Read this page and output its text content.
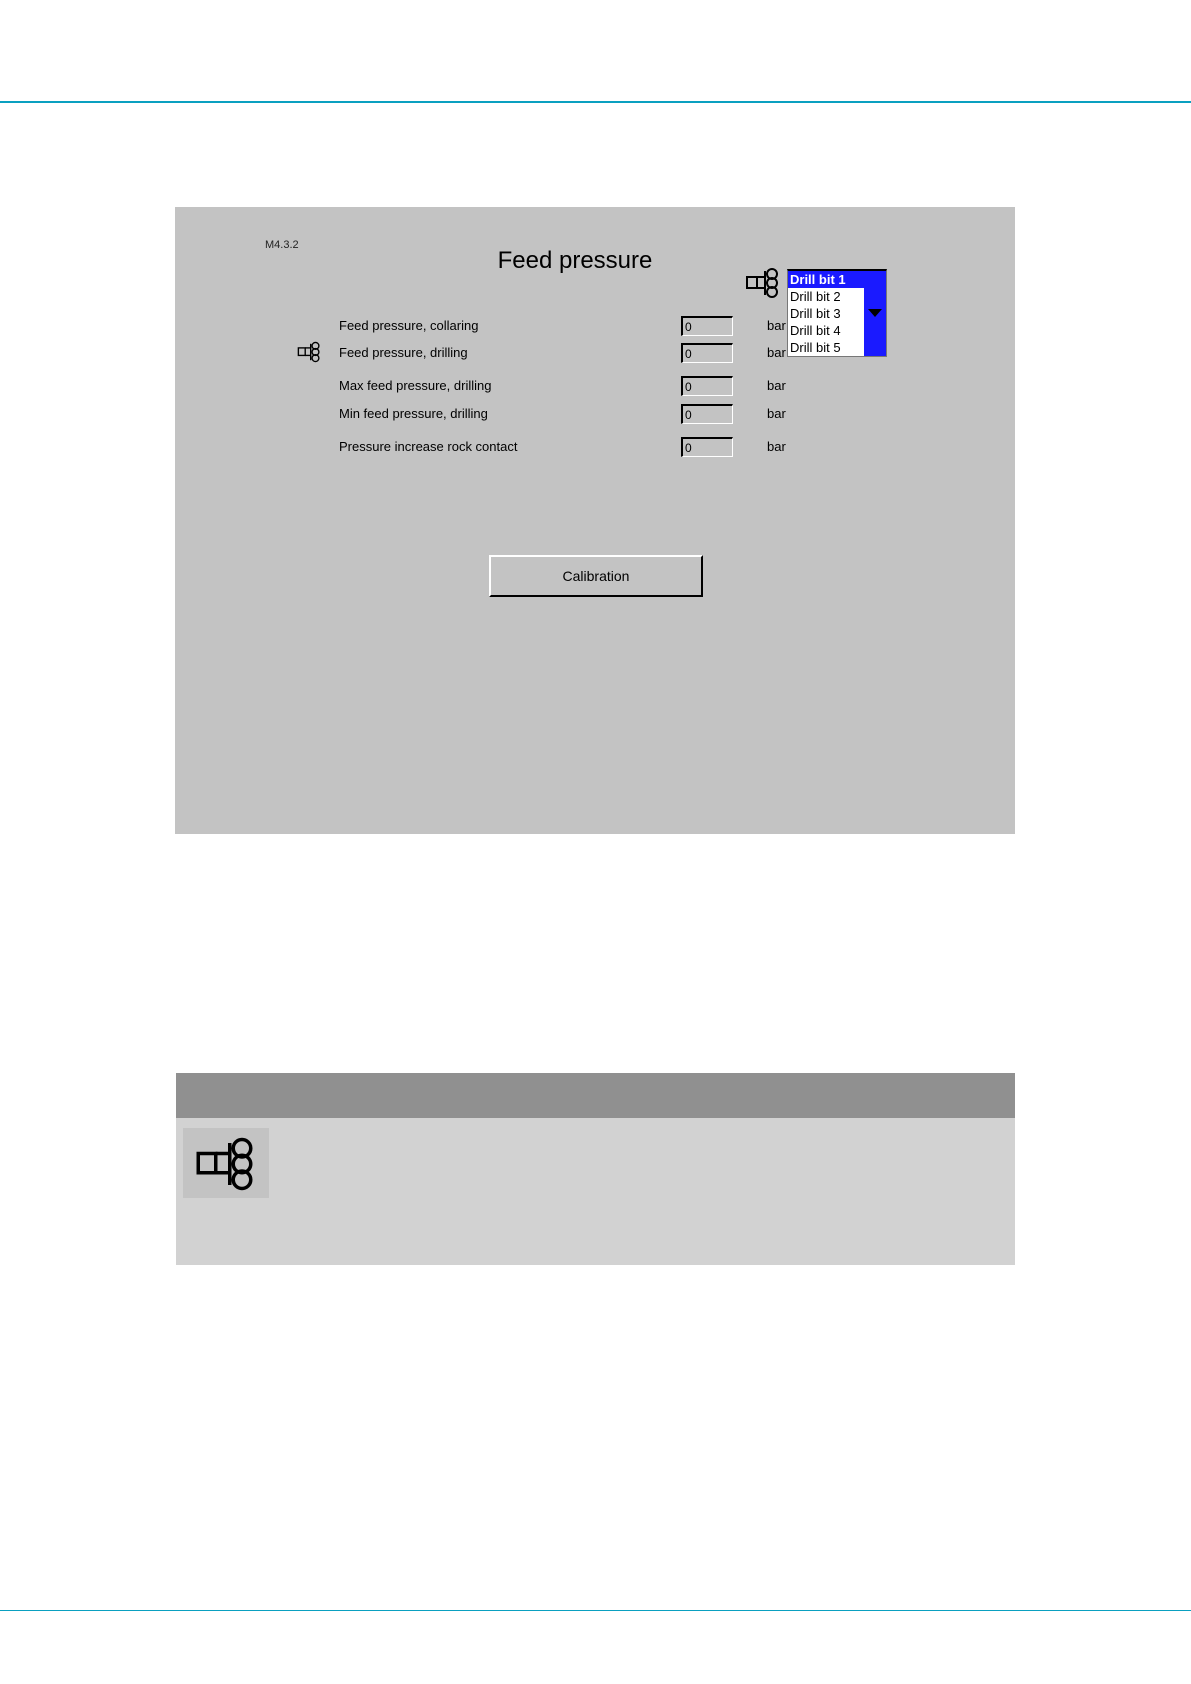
M4.3.2
Feed pressure
Drill bit 1
Drill bit 2
Drill bit 3
Drill bit 4
Drill bit 5
Feed pressure, collaring	0	bar
Feed pressure, drilling	0	bar
Max feed pressure, drilling	0	bar
Min feed pressure, drilling	0	bar
Pressure increase rock contact	0	bar
Calibration
